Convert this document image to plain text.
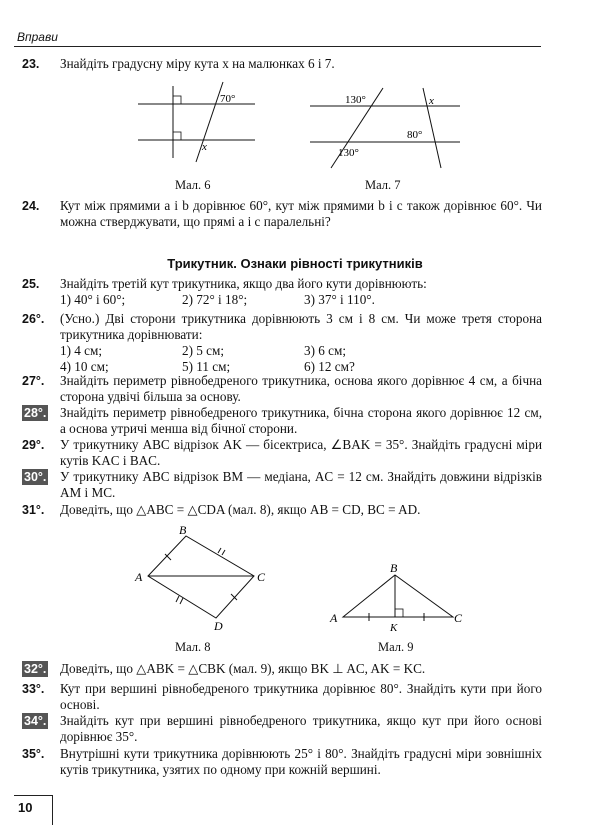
Вправи
23. Знайдіть градусну міру кута x на малюнках 6 і 7.
70°
x
Мал. 6
130°	x
80°
130°
Мал. 7
24. Кут між прямими a і b дорівнює 60°, кут між прямими b і c також дорівнює 60°. Чи можна стверджувати, що прямі a і c паралельні?
Трикутник. Ознаки рівності трикутників
25. Знайдіть третій кут трикутника, якщо два його кути дорівнюють:
1) 40° і 60°;	2) 72° і 18°;	3) 37° і 110°.
26°. (Усно.) Дві сторони трикутника дорівнюють 3 см і 8 см. Чи може третя сторона трикутника дорівнювати:
1) 4 см;	2) 5 см;	3) 6 см;
4) 10 см;	5) 11 см;	6) 12 см?
27°. Знайдіть периметр рівнобедреного трикутника, основа якого дорівнює 4 см, а бічна сторона удвічі більша за основу.
28°. Знайдіть периметр рівнобедреного трикутника, бічна сторона якого дорівнює 12 см, а основа утричі менша від бічної сторони.
29°. У трикутнику ABC відрізок AK — бісектриса, ∠BAK = 35°. Знайдіть градусні міри кутів KAC і BAC.
30°. У трикутнику ABC відрізок BM — медіана, AC = 12 см. Знайдіть довжини відрізків AM і MC.
31°. Доведіть, що △ABC = △CDA (мал. 8), якщо AB = CD, BC = AD.
A
B
C
D
Мал. 8
A
B
C
K
Мал. 9
32°. Доведіть, що △ABK = △CBK (мал. 9), якщо BK ⊥ AC, AK = KC.
33°. Кут при вершині рівнобедреного трикутника дорівнює 80°. Знайдіть кути при його основі.
34°. Знайдіть кут при вершині рівнобедреного трикутника, якщо кут при його основі дорівнює 35°.
35°. Внутрішні кути трикутника дорівнюють 25° і 80°. Знайдіть градусні міри зовнішніх кутів трикутника, узятих по одному при кожній вершині.
10
